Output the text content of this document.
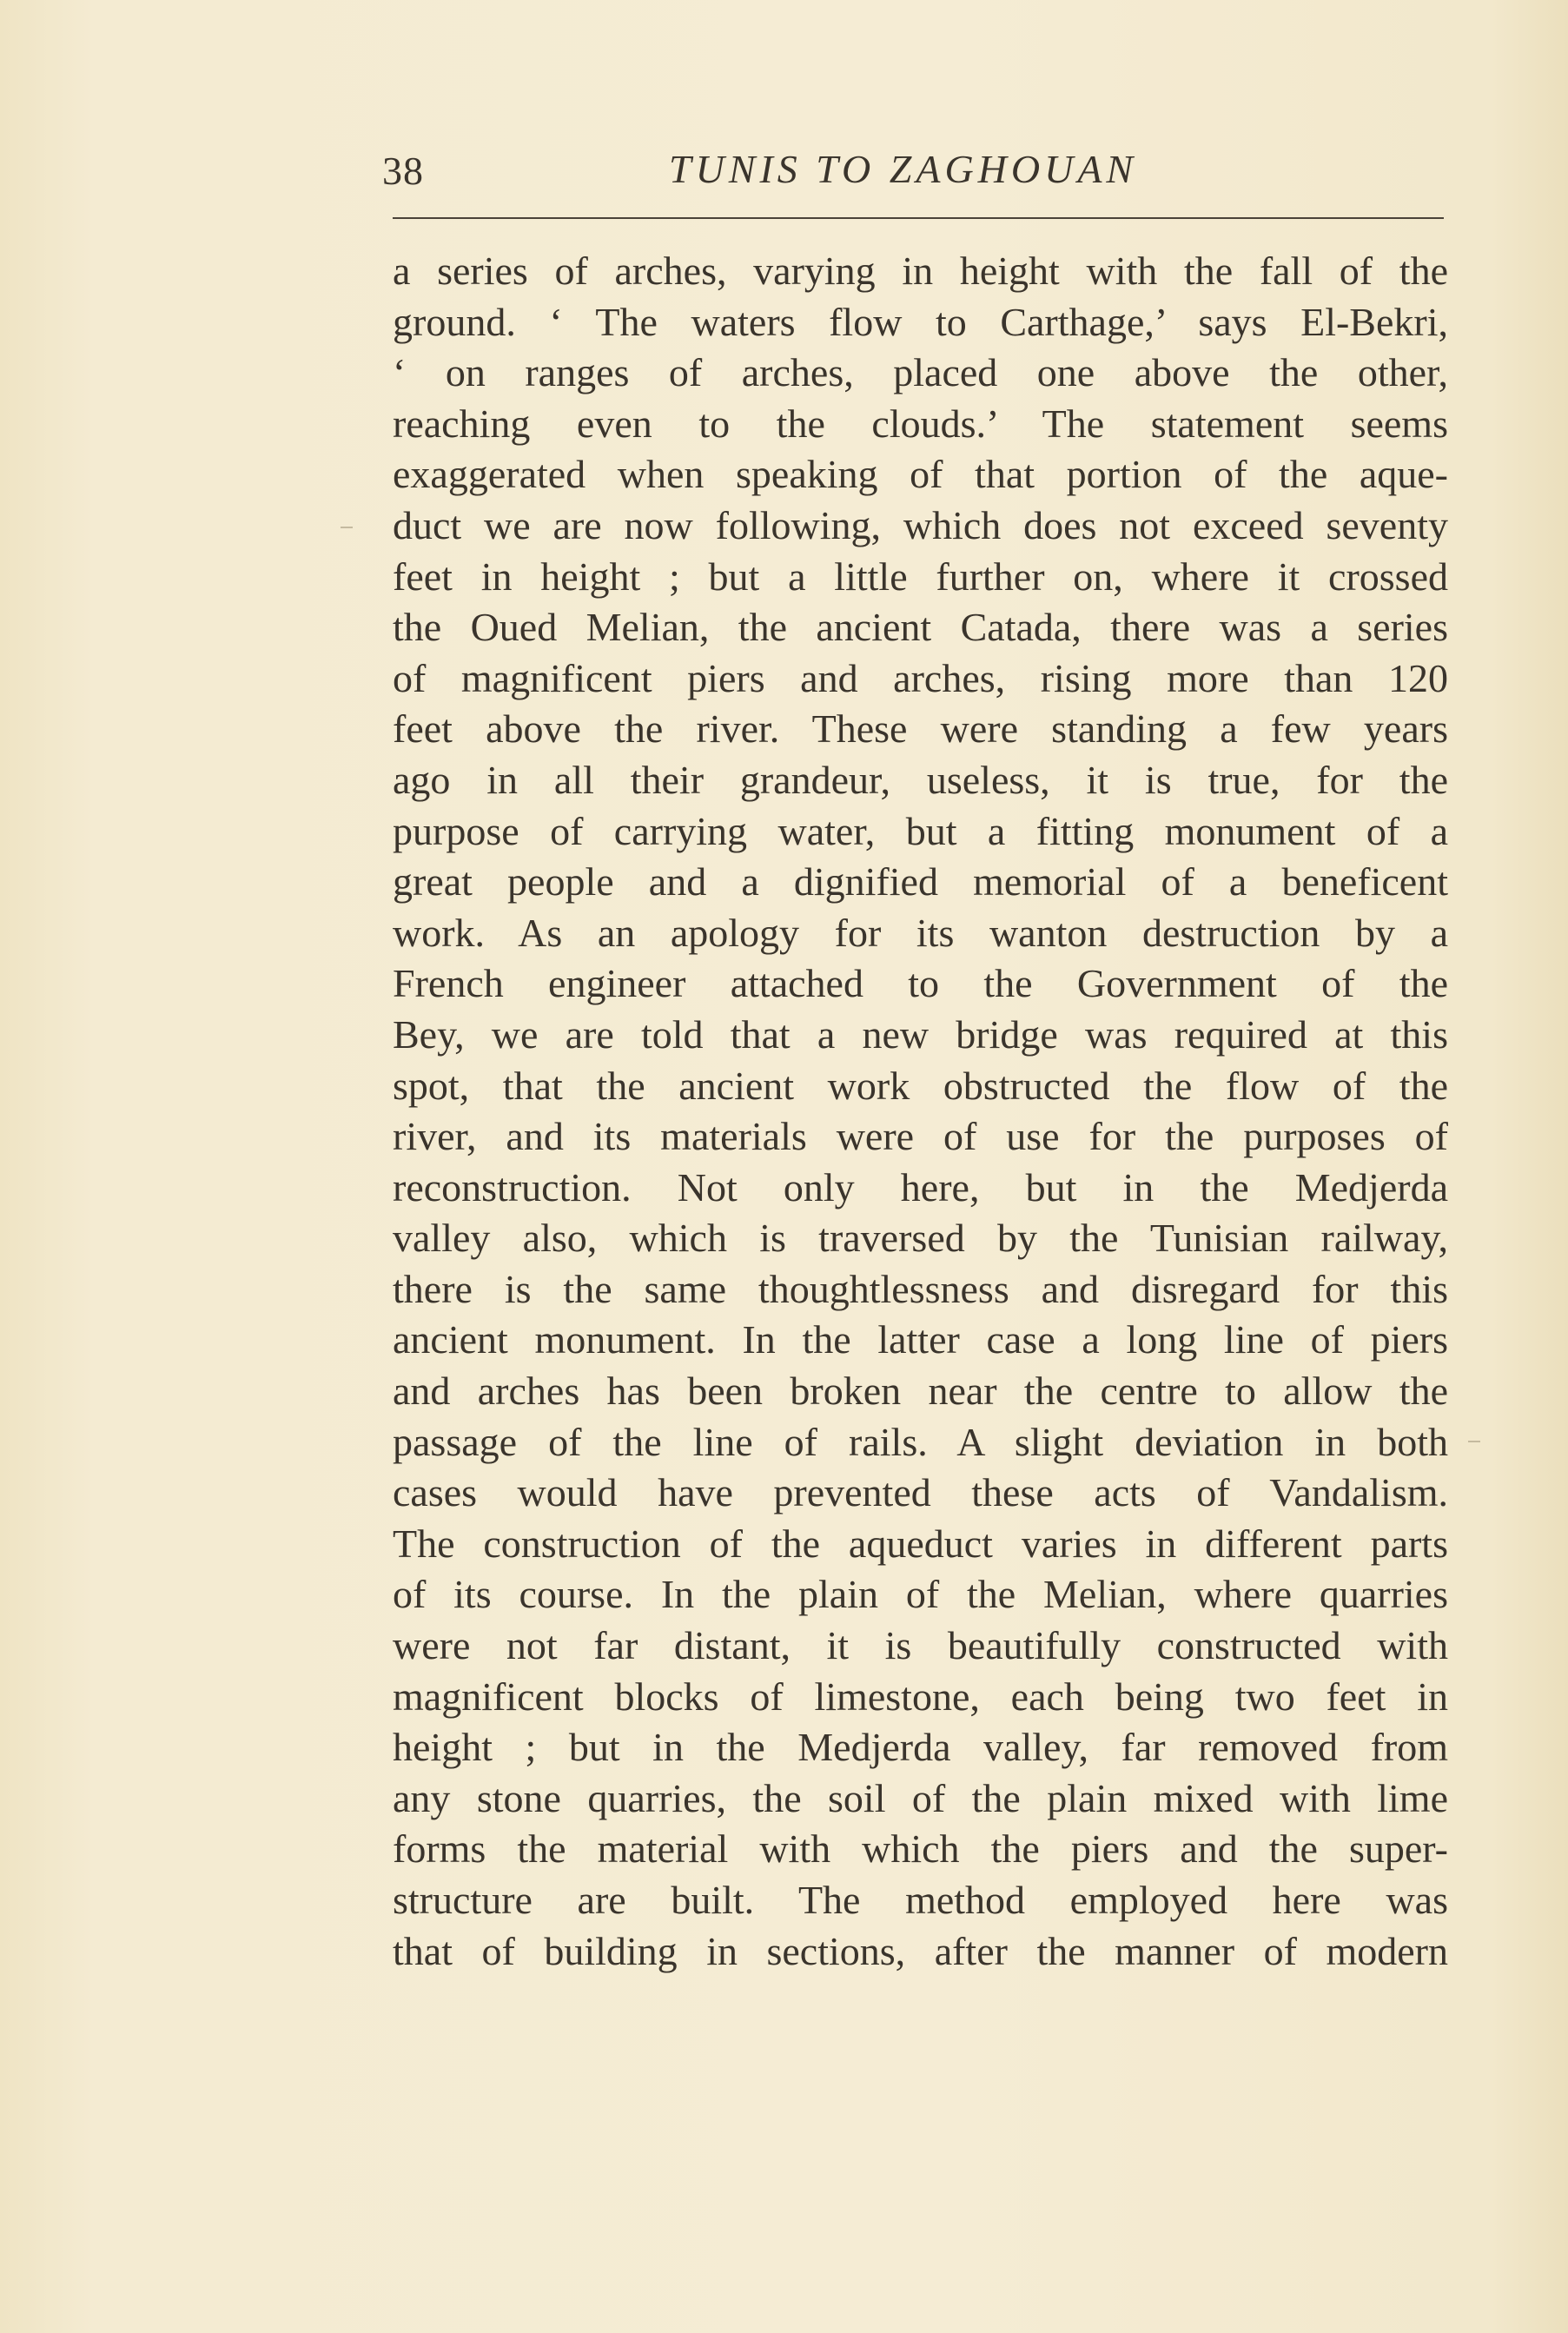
38	TUNIS TO ZAGHOUAN
a series of arches, varying in height with the fall of the
ground. ‘ The waters flow to Carthage,’ says El-Bekri,
‘ on ranges of arches, placed one above the other,
reaching even to the clouds.’ The statement seems
exaggerated when speaking of that portion of the aque-
duct we are now following, which does not exceed seventy
feet in height ; but a little further on, where it crossed
the Oued Melian, the ancient Catada, there was a series
of magnificent piers and arches, rising more than 120
feet above the river. These were standing a few years
ago in all their grandeur, useless, it is true, for the
purpose of carrying water, but a fitting monument of a
great people and a dignified memorial of a beneficent
work. As an apology for its wanton destruction by a
French engineer attached to the Government of the
Bey, we are told that a new bridge was required at this
spot, that the ancient work obstructed the flow of the
river, and its materials were of use for the purposes of
reconstruction. Not only here, but in the Medjerda
valley also, which is traversed by the Tunisian railway,
there is the same thoughtlessness and disregard for this
ancient monument. In the latter case a long line of piers
and arches has been broken near the centre to allow the
passage of the line of rails. A slight deviation in both
cases would have prevented these acts of Vandalism.
The construction of the aqueduct varies in different parts
of its course. In the plain of the Melian, where quarries
were not far distant, it is beautifully constructed with
magnificent blocks of limestone, each being two feet in
height ; but in the Medjerda valley, far removed from
any stone quarries, the soil of the plain mixed with lime
forms the material with which the piers and the super-
structure are built. The method employed here was
that of building in sections, after the manner of modern
